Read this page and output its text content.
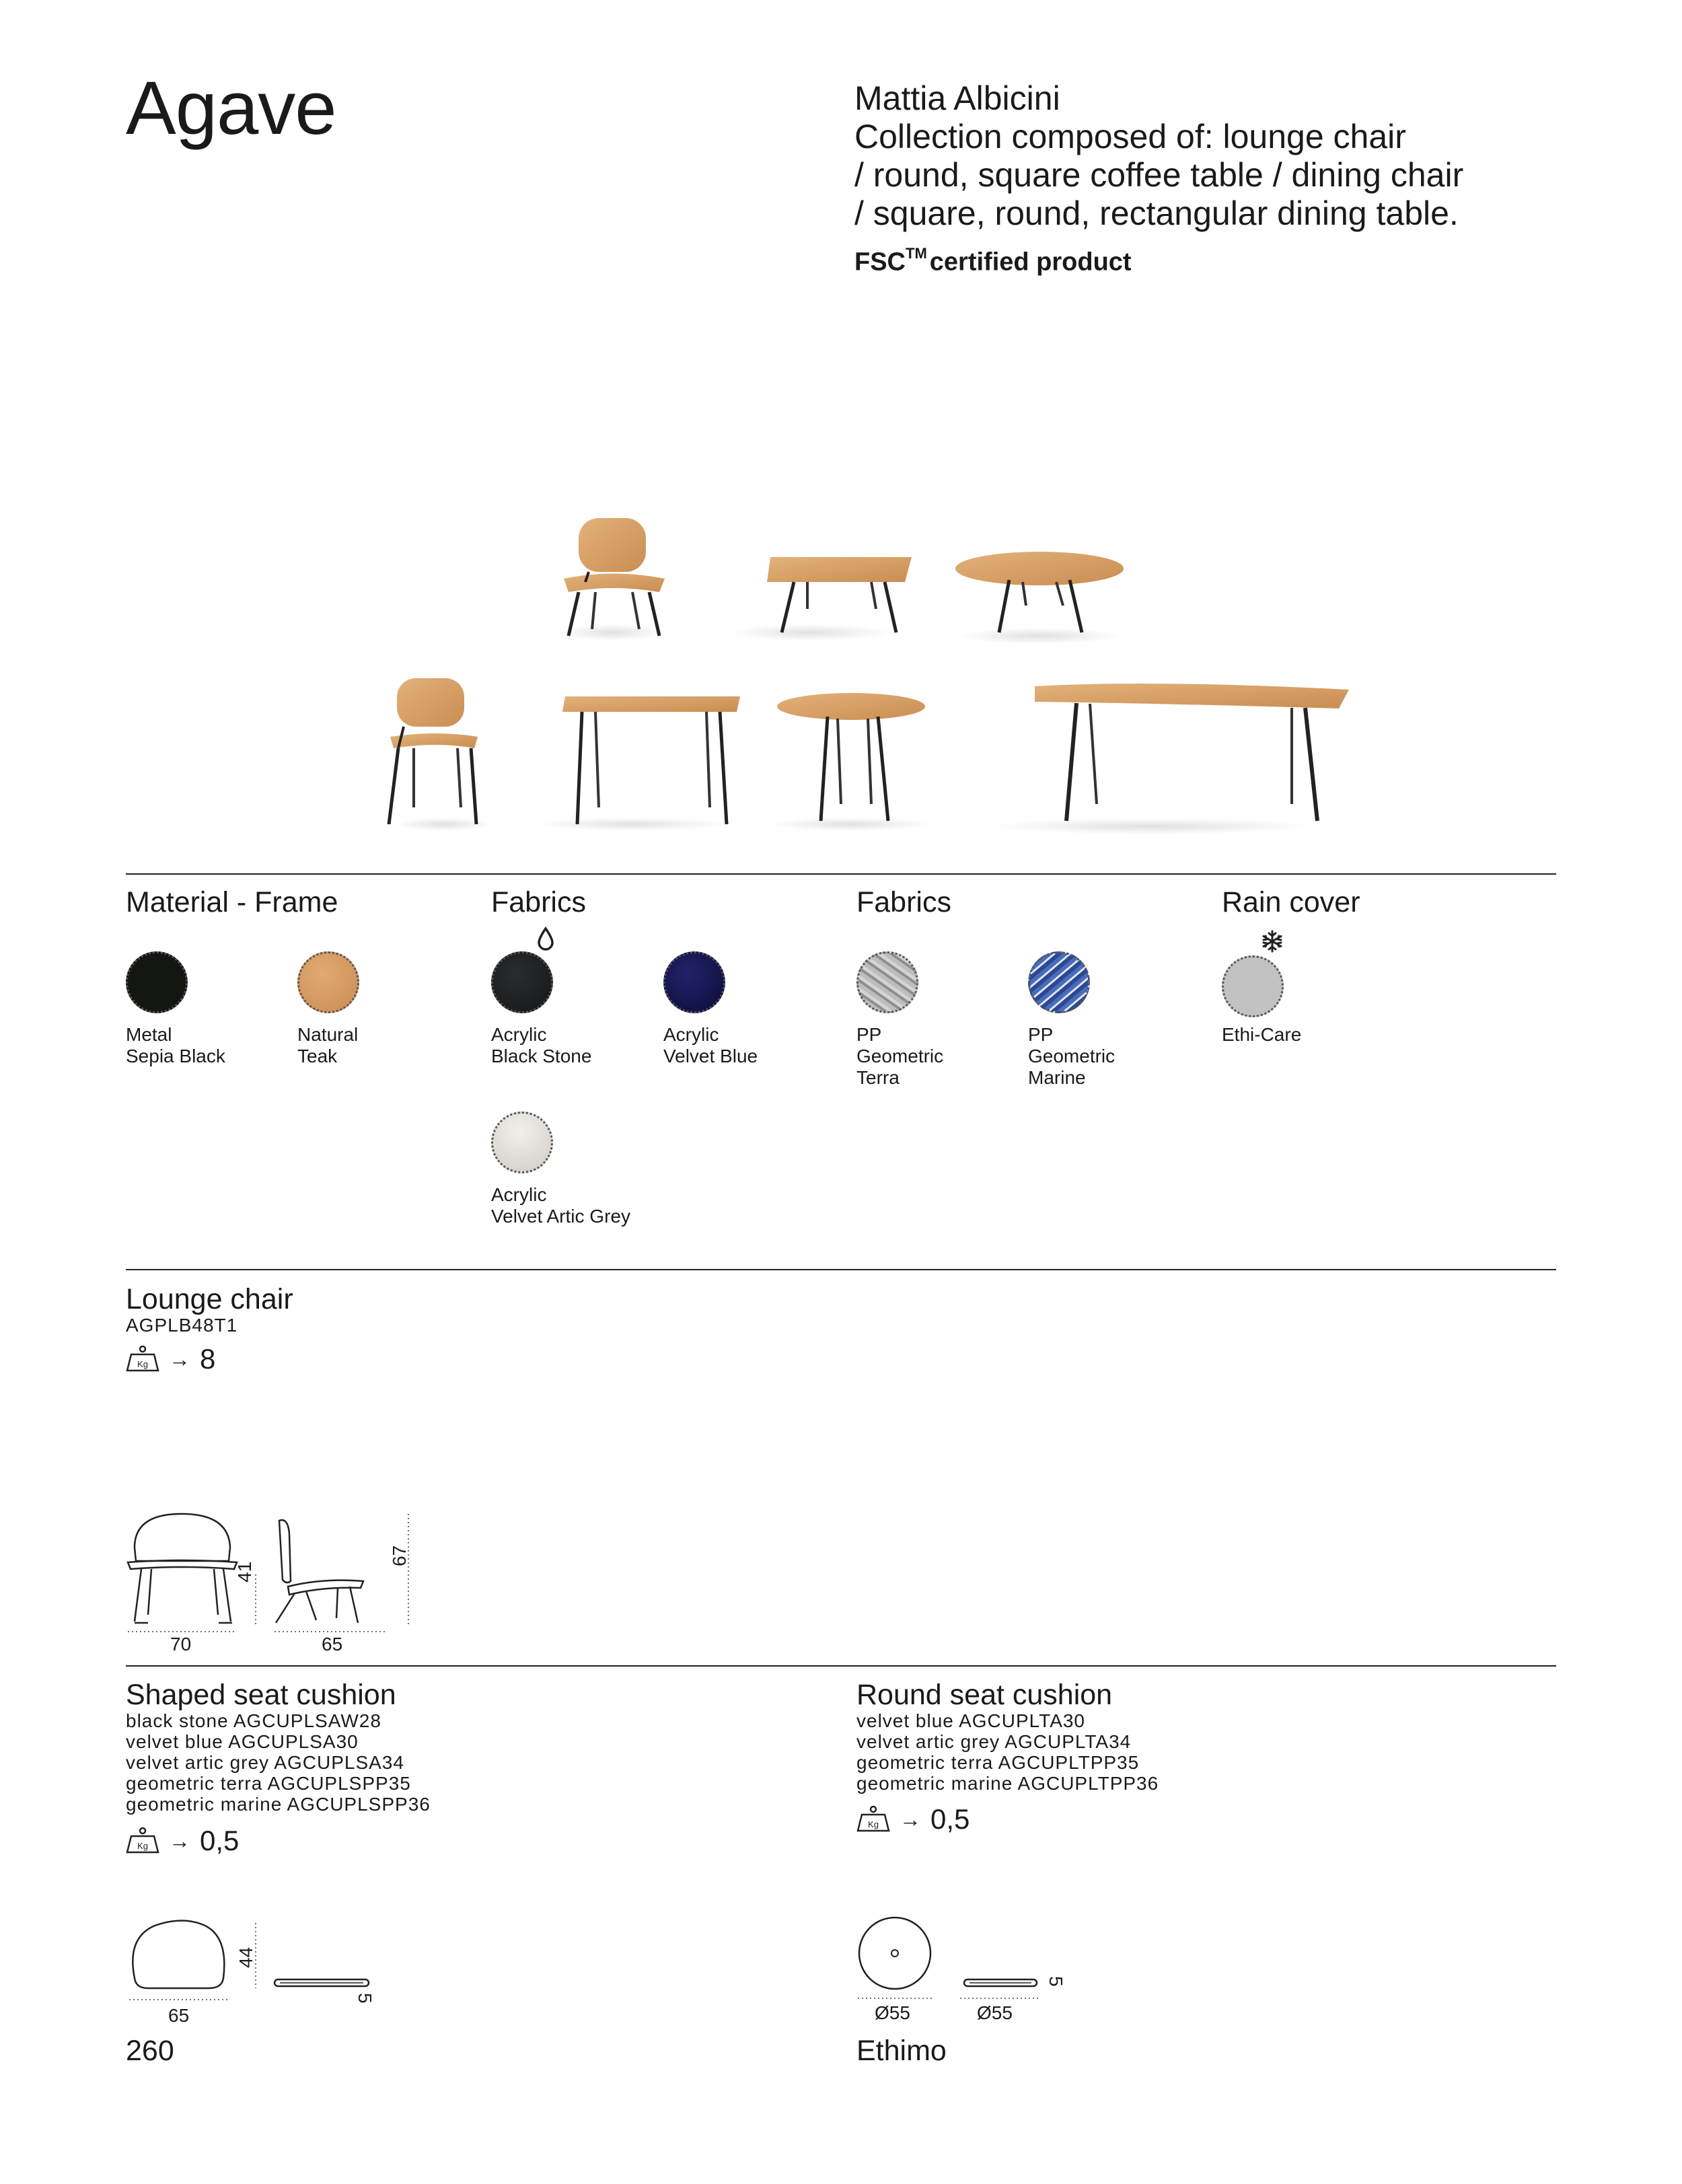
Agave	Mattia Albicini
Collection composed of: lounge chair
/ round, square coffee table / dining chair
/ square, round, rectangular dining table.
FSC™ certified product
Material - Frame
Metal
Sepia Black
Natural
Teak
Fabrics
Acrylic
Black Stone
Acrylic
Velvet Blue
Acrylic
Velvet Artic Grey
Fabrics
PP
Geometric
Terra
PP
Geometric
Marine
Rain cover
Ethi-Care
Lounge chair
AGPLB48T1
Kg → 8
70
41
65
67
Shaped seat cushion
black stone AGCUPLSAW28
velvet blue AGCUPLSA30
velvet artic grey AGCUPLSA34
geometric terra AGCUPLSPP35
geometric marine AGCUPLSPP36
Kg → 0,5
65
44
5
Round seat cushion
velvet blue AGCUPLTA30
velvet artic grey AGCUPLTA34
geometric terra AGCUPLTPP35
geometric marine AGCUPLTPP36
Kg → 0,5
Ø55	Ø55
5
260	Ethimo
